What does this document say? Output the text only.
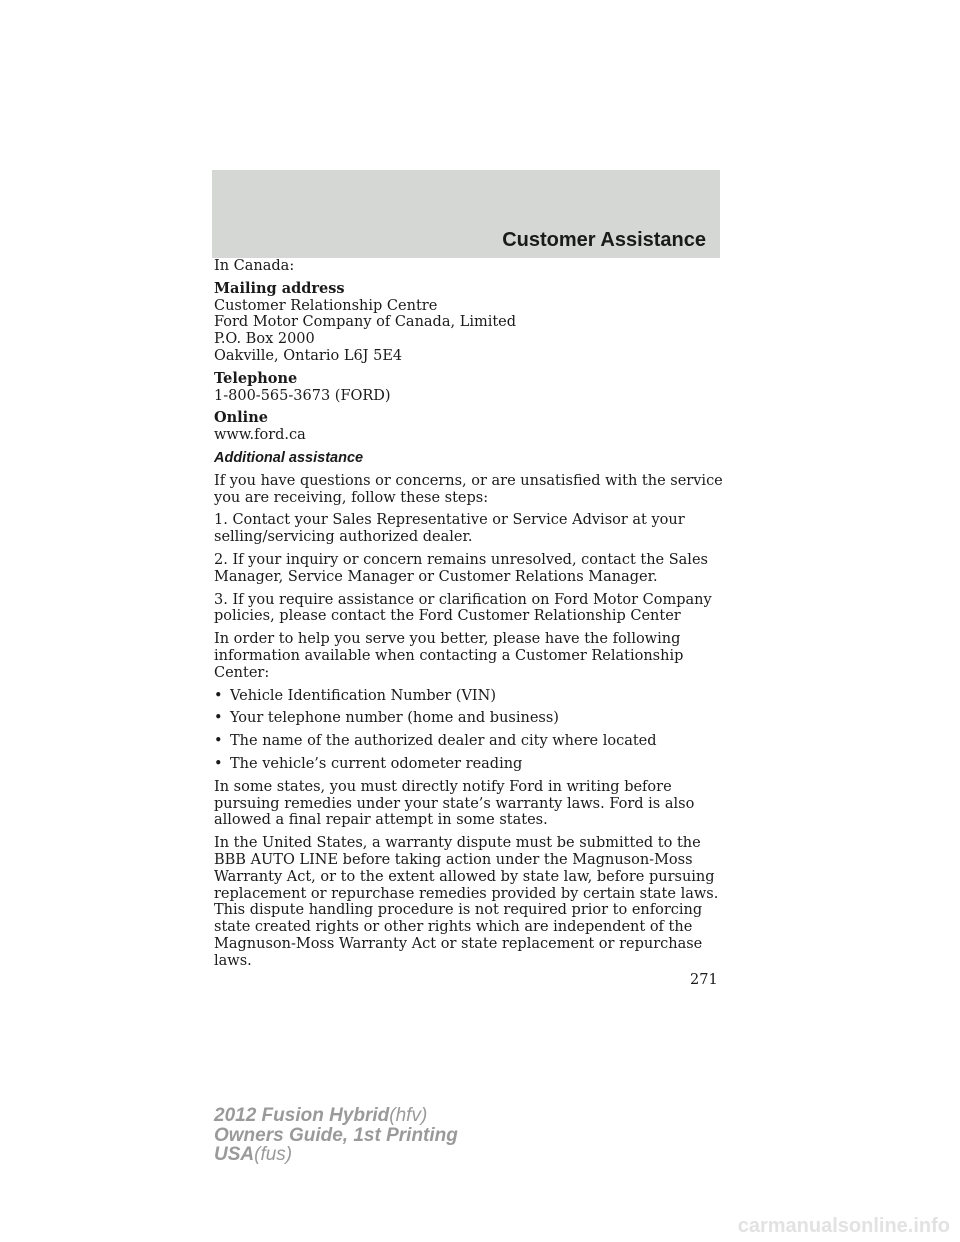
Customer Assistance

In Canada:

Mailing address
Customer Relationship Centre
Ford Motor Company of Canada, Limited
P.O. Box 2000
Oakville, Ontario L6J 5E4
Telephone
1-800-565-3673 (FORD)
Online
www.ford.ca
Additional assistance

If you have questions or concerns, or are unsatisfied with the service you are receiving, follow these steps:

1. Contact your Sales Representative or Service Advisor at your selling/servicing authorized dealer.

2. If your inquiry or concern remains unresolved, contact the Sales Manager, Service Manager or Customer Relations Manager.

3. If you require assistance or clarification on Ford Motor Company policies, please contact the Ford Customer Relationship Center

In order to help you serve you better, please have the following information available when contacting a Customer Relationship Center:

• Vehicle Identification Number (VIN)
• Your telephone number (home and business)
• The name of the authorized dealer and city where located
• The vehicle’s current odometer reading

In some states, you must directly notify Ford in writing before pursuing remedies under your state’s warranty laws. Ford is also allowed a final repair attempt in some states.

In the United States, a warranty dispute must be submitted to the BBB AUTO LINE before taking action under the Magnuson-Moss Warranty Act, or to the extent allowed by state law, before pursuing replacement or repurchase remedies provided by certain state laws. This dispute handling procedure is not required prior to enforcing state created rights or other rights which are independent of the Magnuson-Moss Warranty Act or state replacement or repurchase laws.

271
2012 Fusion Hybrid(hfv)
Owners Guide, 1st Printing
USA(fus)
carmanualsonline.info
